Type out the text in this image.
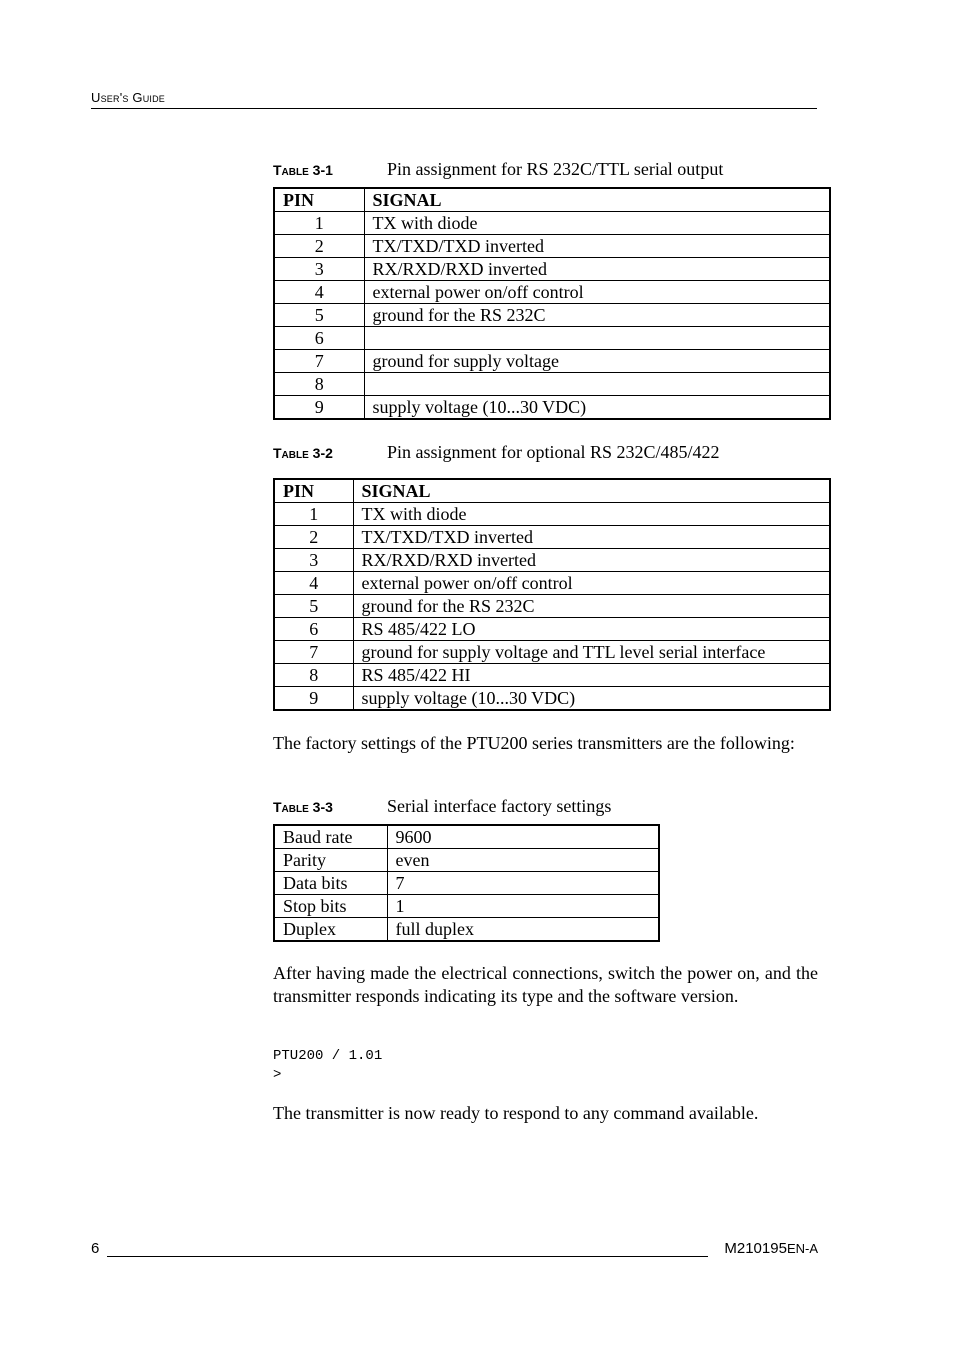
User's Guide
Table 3-1	Pin assignment for RS 232C/TTL serial output
PIN	SIGNAL
1	TX with diode
2	TX/TXD/TXD inverted
3	RX/RXD/RXD inverted
4	external power on/off control
5	ground for the RS 232C
6	
7	ground for supply voltage
8	
9	supply voltage (10...30 VDC)
Table 3-2	Pin assignment for optional RS 232C/485/422
PIN	SIGNAL
1	TX with diode
2	TX/TXD/TXD inverted
3	RX/RXD/RXD inverted
4	external power on/off control
5	ground for the RS 232C
6	RS 485/422 LO
7	ground for supply voltage and TTL level serial interface
8	RS 485/422 HI
9	supply voltage (10...30 VDC)
The factory settings of the PTU200 series transmitters are the following:
Table 3-3	Serial interface factory settings
Baud rate	9600
Parity	even
Data bits	7
Stop bits	1
Duplex	full duplex
After having made the electrical connections, switch the power on, and the transmitter responds indicating its type and the software version.
PTU200 / 1.01
>
The transmitter is now ready to respond to any command available.
6	M210195EN-A
